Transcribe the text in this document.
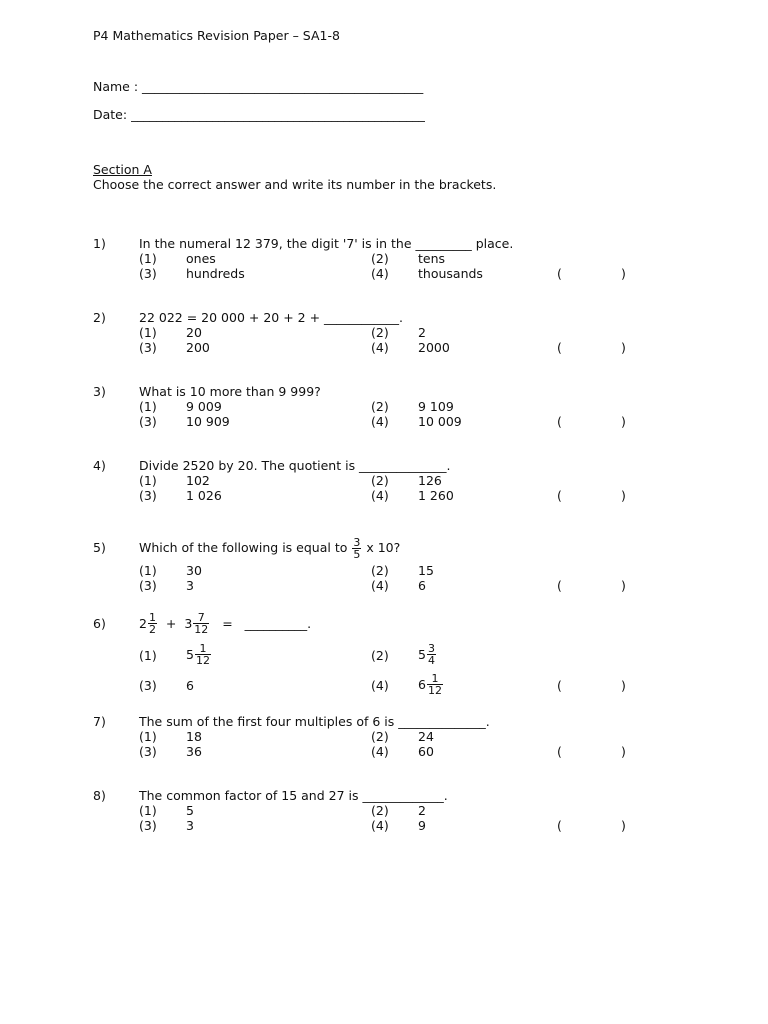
P4 Mathematics Revision Paper – SA1-8
Name : _____________________________________________
Date: _______________________________________________
Section A
Choose the correct answer and write its number in the brackets.
1)	In the numeral 12 379, the digit '7' is in the _________ place.
(1) ones	(2) tens
(3) hundreds	(4) thousands	(	)
2)	22 022 = 20 000 + 20 + 2 + ____________.
(1) 20	(2) 2
(3) 200	(4) 2000	(	)
3)	What is 10 more than 9 999?
(1) 9 009	(2) 9 109
(3) 10 909	(4) 10 009	(	)
4)	Divide 2520 by 20. The quotient is ______________.
(1) 102	(2) 126
(3) 1 026	(4) 1 260	(	)
5)	Which of the following is equal to $\frac{3}{5}$ x 10?
(1) 30	(2) 15
(3) 3	(4) 6	(	)
6)	$2 \frac{1}{2} + 3 \frac{7}{12}$ = __________.
(1) $5 \frac{1}{12}$	(2) $5 \frac{3}{4}$
(3) 6	(4) $6 \frac{1}{12}$	(	)
7)	The sum of the first four multiples of 6 is ______________.
(1) 18	(2) 24
(3) 36	(4) 60	(	)
8)	The common factor of 15 and 27 is _____________.
(1) 5	(2) 2
(3) 3	(4) 9	(	)
